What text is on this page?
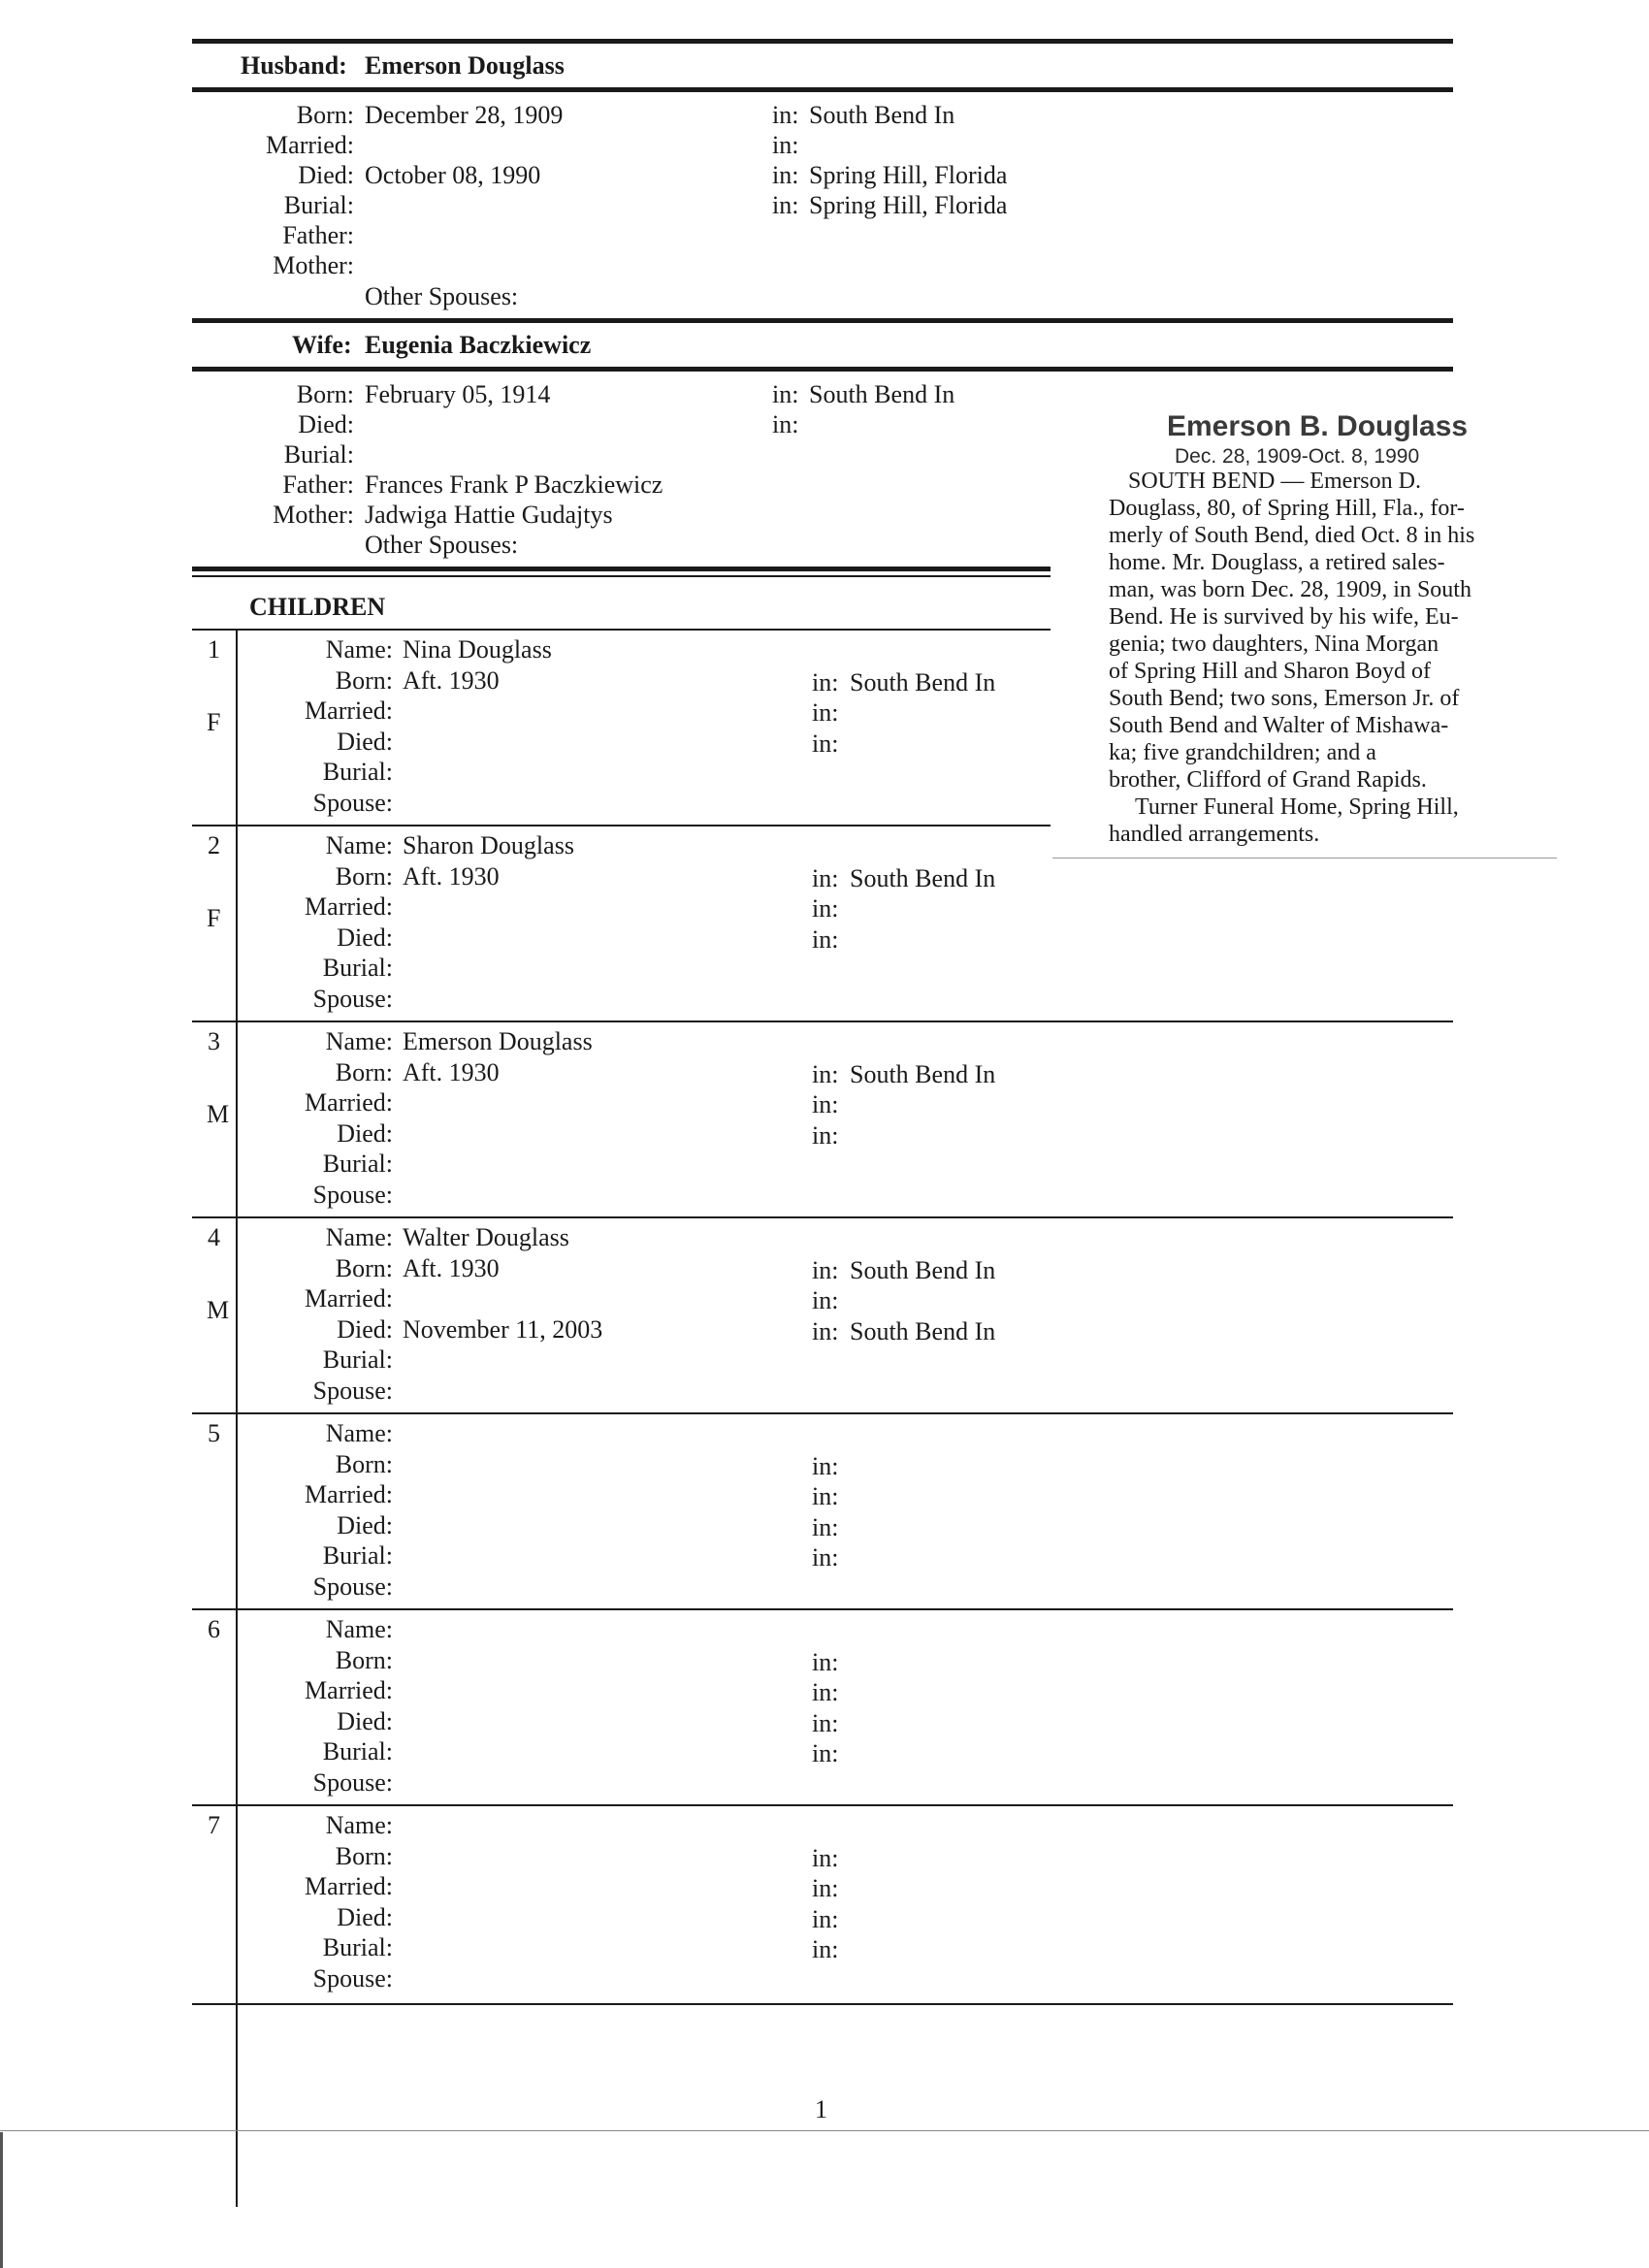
Husband: Emerson Douglass
Born: December 28, 1909	in: South Bend In
Married:	in:
Died: October 08, 1990	in: Spring Hill, Florida
Burial:	in: Spring Hill, Florida
Father:
Mother:
Other Spouses:
Wife: Eugenia Baczkiewicz
Born: February 05, 1914	in: South Bend In
Died:	in:
Burial:
Father: Frances Frank P Baczkiewicz
Mother: Jadwiga Hattie Gudajtys
Other Spouses:
CHILDREN
1
F
Name: Nina Douglass
Born: Aft. 1930	in: South Bend In
Married:	in:
Died:	in:
Burial:
Spouse:
2
F
Name: Sharon Douglass
Born: Aft. 1930	in: South Bend In
Married:	in:
Died:	in:
Burial:
Spouse:
3
M
Name: Emerson Douglass
Born: Aft. 1930	in: South Bend In
Married:	in:
Died:	in:
Burial:
Spouse:
4
M
Name: Walter Douglass
Born: Aft. 1930	in: South Bend In
Married:	in:
Died: November 11, 2003	in: South Bend In
Burial:
Spouse:
5	Name:
Born:	in:
Married:	in:
Died:	in:
Burial:	in:
Spouse:
6	Name:
Born:	in:
Married:	in:
Died:	in:
Burial:	in:
Spouse:
7	Name:
Born:	in:
Married:	in:
Died:	in:
Burial:	in:
Spouse:
Emerson B. Douglass
Dec. 28, 1909-Oct. 8, 1990
SOUTH BEND — Emerson D.
Douglass, 80, of Spring Hill, Fla., for-
merly of South Bend, died Oct. 8 in his
home. Mr. Douglass, a retired sales-
man, was born Dec. 28, 1909, in South
Bend. He is survived by his wife, Eu-
genia; two daughters, Nina Morgan
of Spring Hill and Sharon Boyd of
South Bend; two sons, Emerson Jr. of
South Bend and Walter of Mishawa-
ka; five grandchildren; and a
brother, Clifford of Grand Rapids.
Turner Funeral Home, Spring Hill,
handled arrangements.
1
